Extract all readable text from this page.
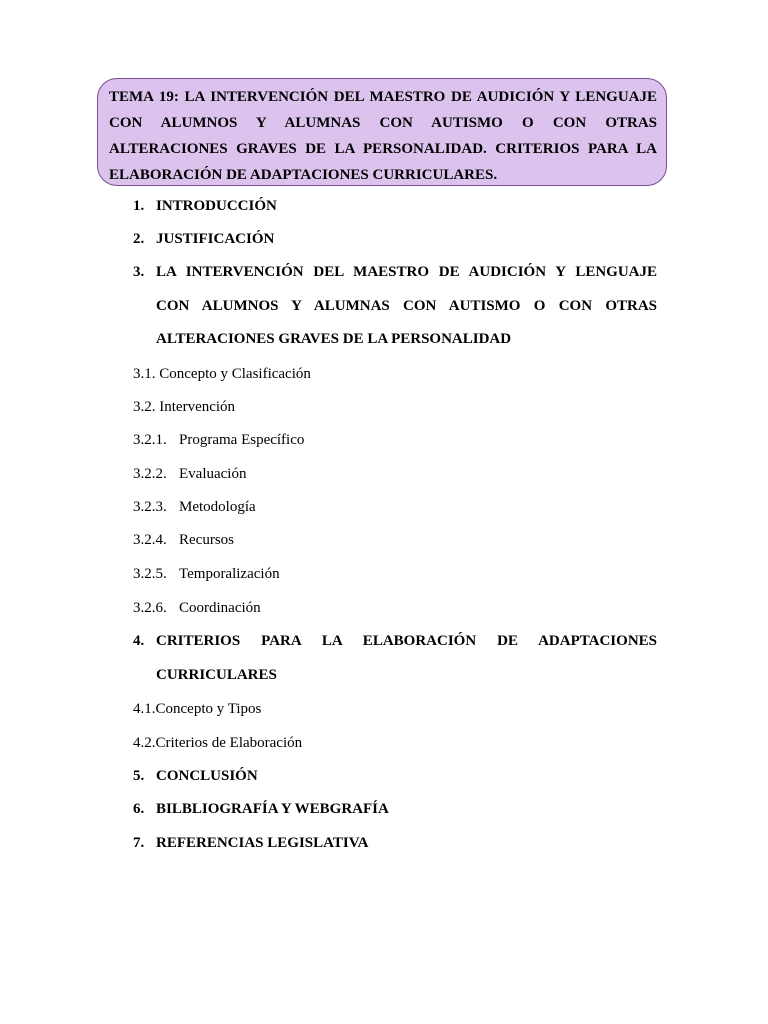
TEMA 19: LA INTERVENCIÓN DEL MAESTRO DE AUDICIÓN Y LENGUAJE
CON ALUMNOS Y ALUMNAS CON AUTISMO O CON OTRAS
ALTERACIONES GRAVES DE LA PERSONALIDAD. CRITERIOS PARA LA
ELABORACIÓN DE ADAPTACIONES CURRICULARES.
1. INTRODUCCIÓN
2. JUSTIFICACIÓN
3. LA INTERVENCIÓN DEL MAESTRO DE AUDICIÓN Y LENGUAJE
CON ALUMNOS Y ALUMNAS CON AUTISMO O CON OTRAS
ALTERACIONES GRAVES DE LA PERSONALIDAD
3.1. Concepto y Clasificación
3.2. Intervención
3.2.1. Programa Específico
3.2.2. Evaluación
3.2.3. Metodología
3.2.4. Recursos
3.2.5. Temporalización
3.2.6. Coordinación
4. CRITERIOS PARA LA ELABORACIÓN DE ADAPTACIONES
CURRICULARES
4.1.Concepto y Tipos
4.2.Criterios de Elaboración
5. CONCLUSIÓN
6. BILBLIOGRAFÍA Y WEBGRAFÍA
7. REFERENCIAS LEGISLATIVA
